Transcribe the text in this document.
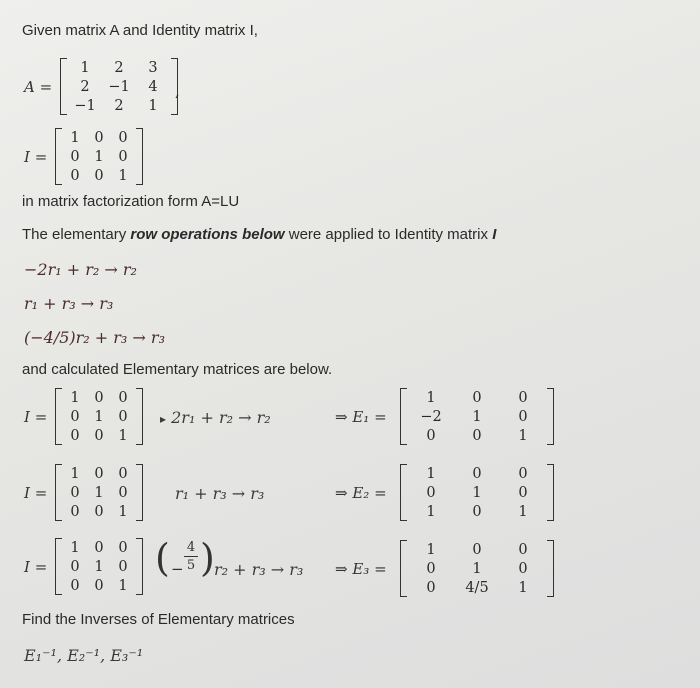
Given matrix A and Identity matrix I,
A =
1	2	3
2	−1	4
−1	2	1
,
I =
1	0	0
0	1	0
0	0	1
in matrix factorization form A=LU
The elementary row operations below were applied to Identity matrix I
−2r₁ + r₂ → r₂
r₁ + r₃ → r₃
(−4/5)r₂ + r₃ → r₃
and calculated Elementary matrices are below.
I =
1	0	0
0	1	0
0	0	1
▸ 2r₁ + r₂ → r₂	⇒ E₁ =
1	0	0
−2	1	0
0	0	1
I =
1	0	0
0	1	0
0	0	1
r₁ + r₃ → r₃	⇒ E₂ =
1	0	0
0	1	0
1	0	1
I =
1	0	0
0	1	0
0	0	1
( −
4
5 ) r₂ + r₃ → r₃ ⇒ E₃ =
1	0	0
0	1	0
0	4/5	1
Find the Inverses of Elementary matrices
E₁⁻¹, E₂⁻¹, E₃⁻¹
